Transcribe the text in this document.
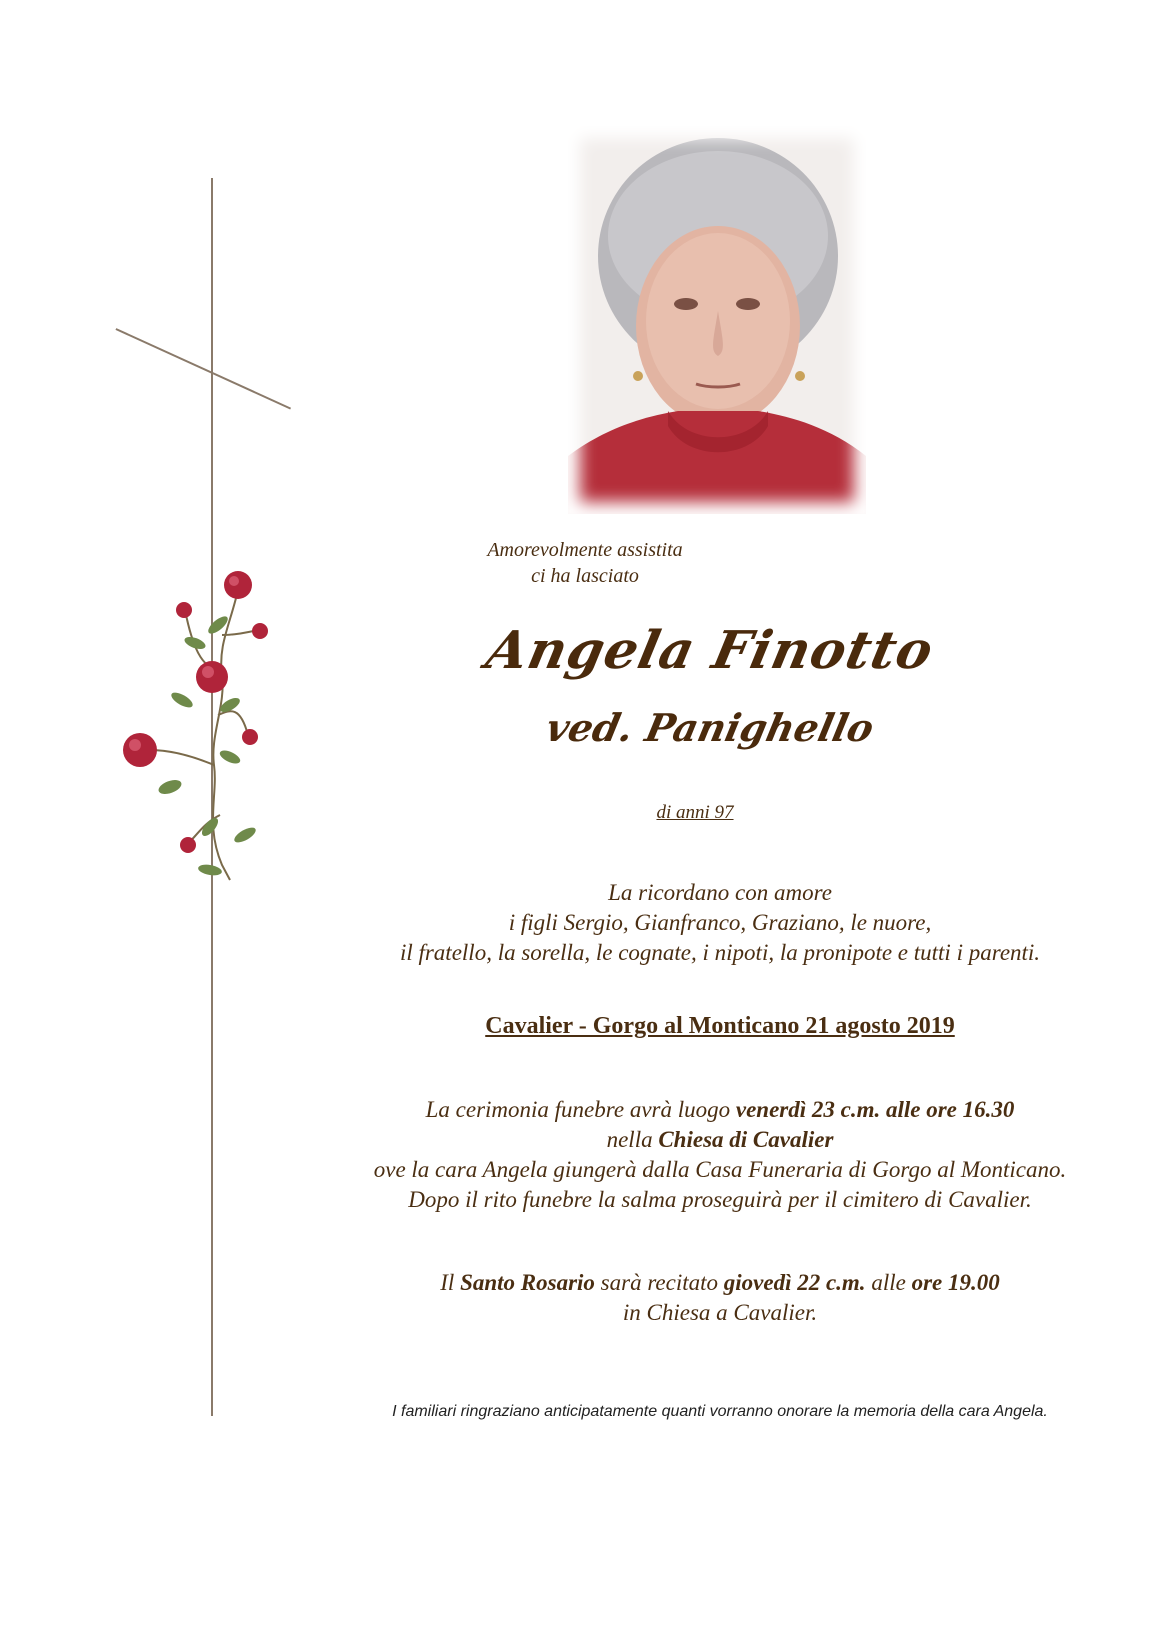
Amorevolmente assistita
ci ha lasciato
Angela Finotto
ved. Panighello
di anni 97
La ricordano con amore
i figli Sergio, Gianfranco, Graziano, le nuore,
il fratello, la sorella, le cognate, i nipoti, la pronipote e tutti i parenti.
Cavalier - Gorgo al Monticano 21 agosto 2019
La cerimonia funebre avrà luogo venerdì 23 c.m. alle ore 16.30
nella Chiesa di Cavalier
ove la cara Angela giungerà dalla Casa Funeraria di Gorgo al Monticano.
Dopo il rito funebre la salma proseguirà per il cimitero di Cavalier.
Il Santo Rosario sarà recitato giovedì 22 c.m. alle ore 19.00
in Chiesa a Cavalier.
I familiari ringraziano anticipatamente quanti vorranno onorare la memoria della cara Angela.
